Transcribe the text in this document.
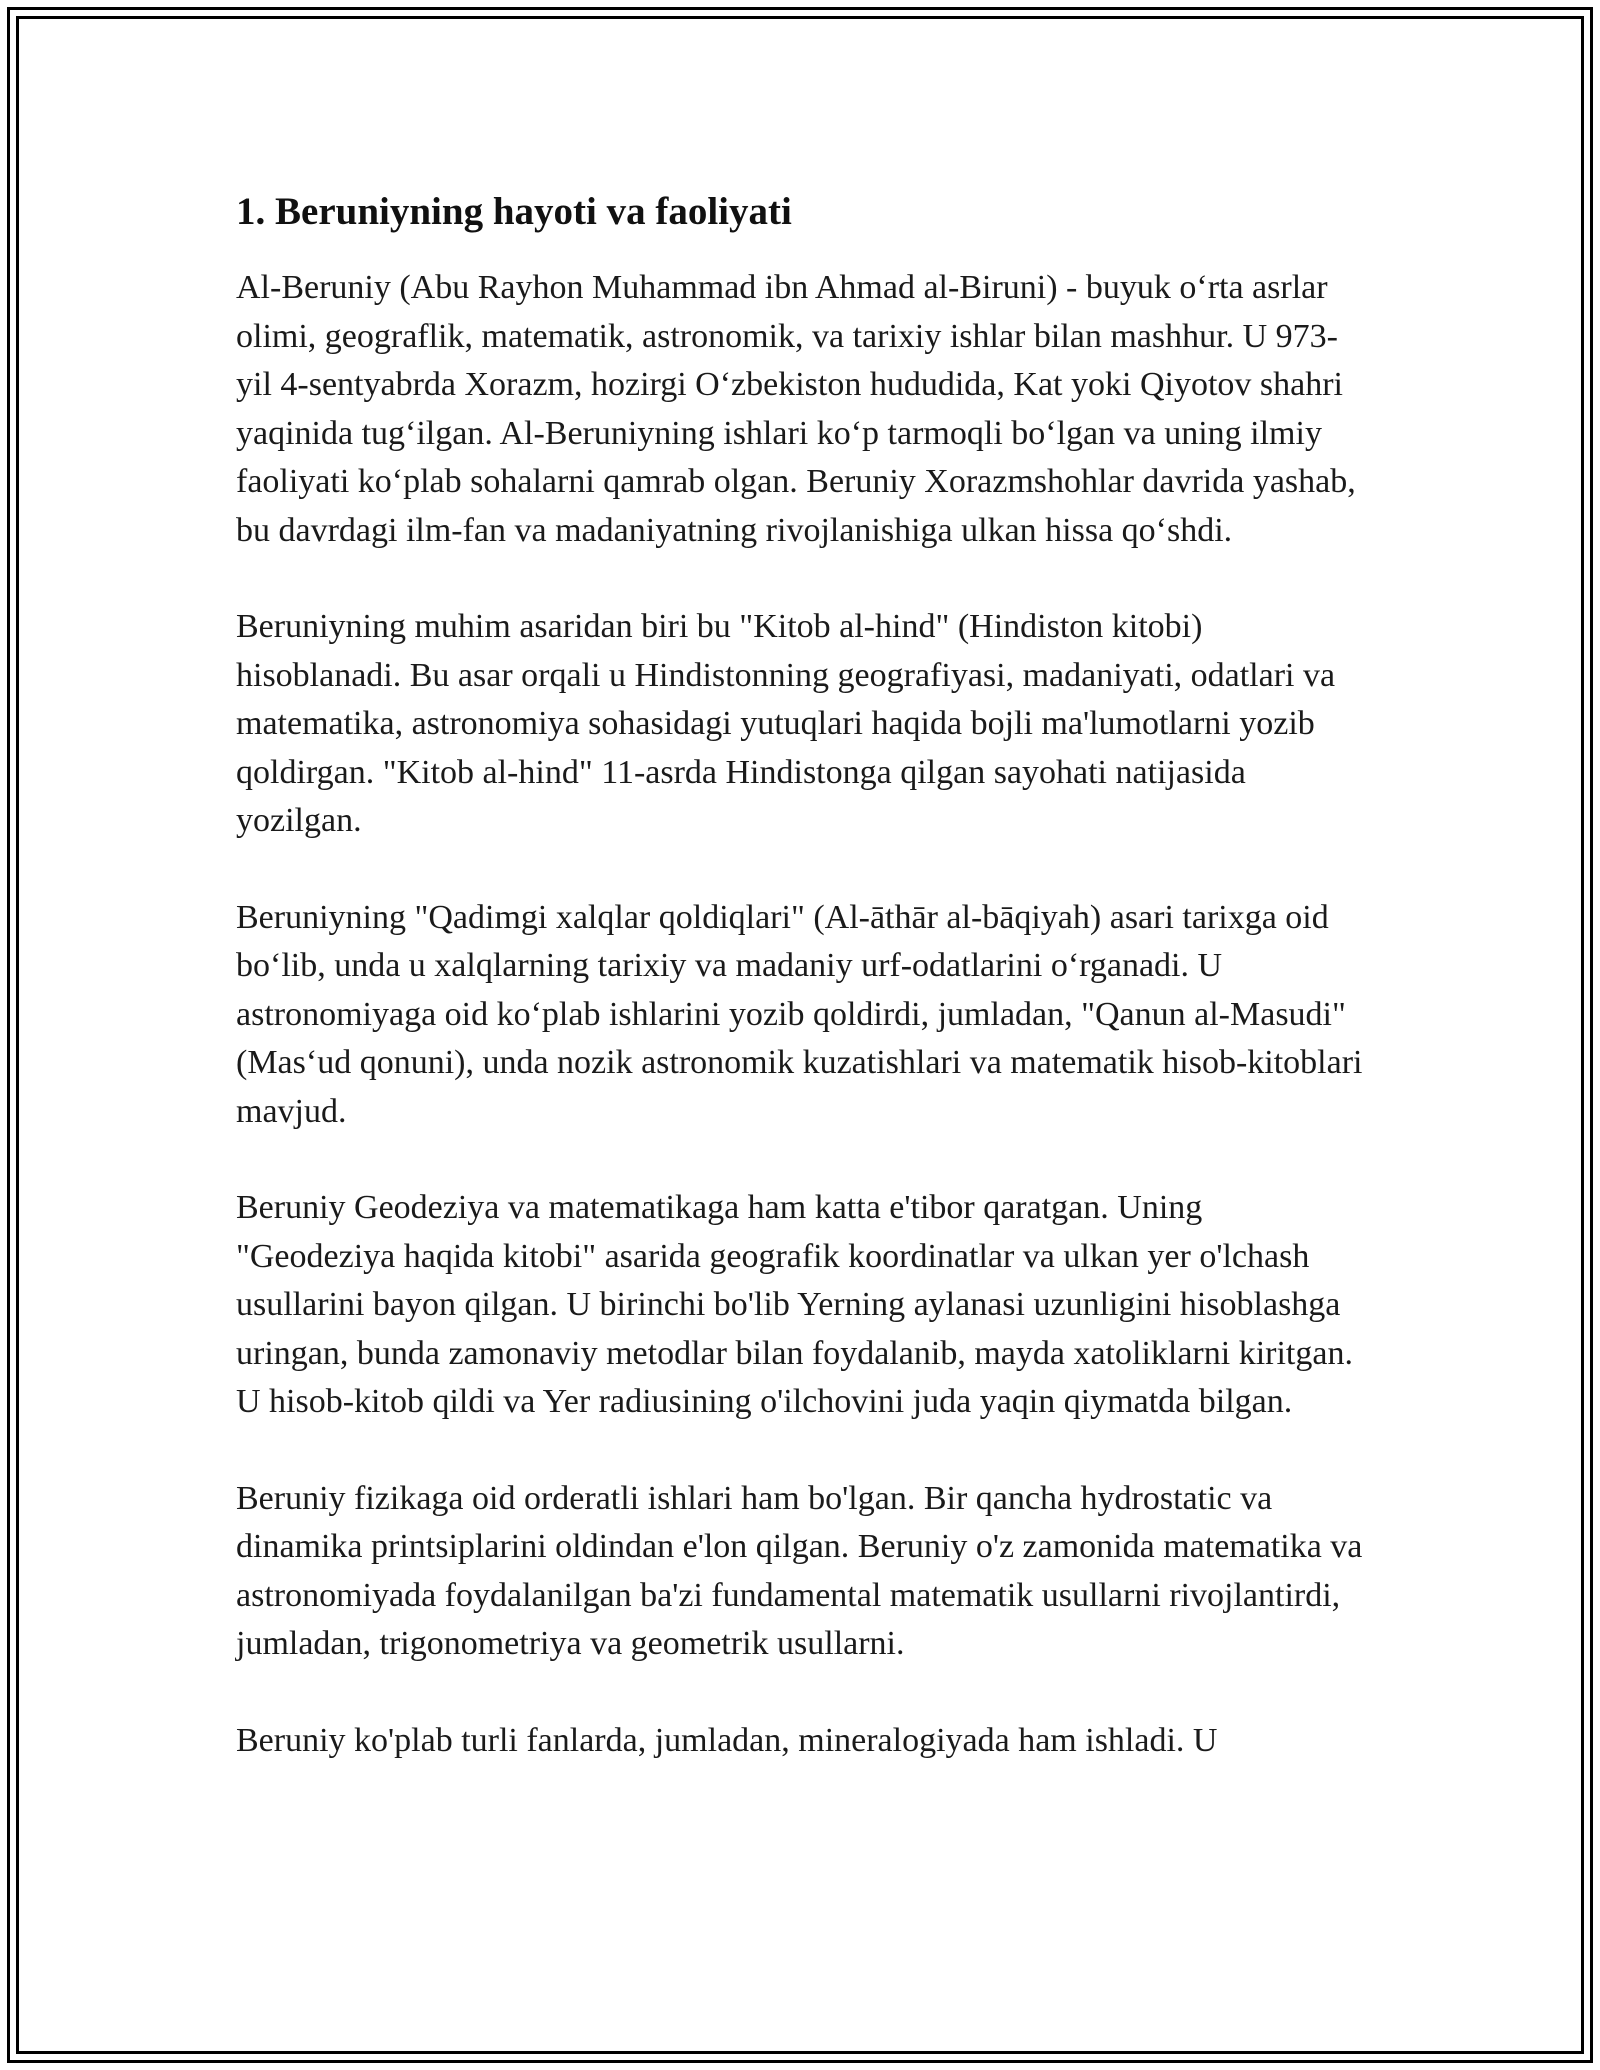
1. Beruniyning hayoti va faoliyati

Al-Beruniy (Abu Rayhon Muhammad ibn Ahmad al-Biruni) - buyuk o‘rta asrlar olimi, geograflik, matematik, astronomik, va tarixiy ishlar bilan mashhur. U 973-yil 4-sentyabrda Xorazm, hozirgi O‘zbekiston hududida, Kat yoki Qiyotov shahri yaqinida tug‘ilgan. Al-Beruniyning ishlari ko‘p tarmoqli bo‘lgan va uning ilmiy faoliyati ko‘plab sohalarni qamrab olgan. Beruniy Xorazmshohlar davrida yashab, bu davrdagi ilm-fan va madaniyatning rivojlanishiga ulkan hissa qo‘shdi.

Beruniyning muhim asaridan biri bu "Kitob al-hind" (Hindiston kitobi) hisoblanadi. Bu asar orqali u Hindistonning geografiyasi, madaniyati, odatlari va matematika, astronomiya sohasidagi yutuqlari haqida bojli ma'lumotlarni yozib qoldirgan. "Kitob al-hind" 11-asrda Hindistonga qilgan sayohati natijasida yozilgan.

Beruniyning "Qadimgi xalqlar qoldiqlari" (Al-āthār al-bāqiyah) asari tarixga oid bo‘lib, unda u xalqlarning tarixiy va madaniy urf-odatlarini o‘rganadi. U astronomiyaga oid ko‘plab ishlarini yozib qoldirdi, jumladan, "Qanun al-Masudi" (Mas‘ud qonuni), unda nozik astronomik kuzatishlari va matematik hisob-kitoblari mavjud.

Beruniy Geodeziya va matematikaga ham katta e'tibor qaratgan. Uning "Geodeziya haqida kitobi" asarida geografik koordinatlar va ulkan yer o'lchash usullarini bayon qilgan. U birinchi bo'lib Yerning aylanasi uzunligini hisoblashga uringan, bunda zamonaviy metodlar bilan foydalanib, mayda xatoliklarni kiritgan. U hisob-kitob qildi va Yer radiusining o'ilchovini juda yaqin qiymatda bilgan.

Beruniy fizikaga oid orderatli ishlari ham bo'lgan. Bir qancha hydrostatic va dinamika printsiplarini oldindan e'lon qilgan. Beruniy o'z zamonida matematika va astronomiyada foydalanilgan ba'zi fundamental matematik usullarni rivojlantirdi, jumladan, trigonometriya va geometrik usullarni.

Beruniy ko'plab turli fanlarda, jumladan, mineralogiyada ham ishladi. U
